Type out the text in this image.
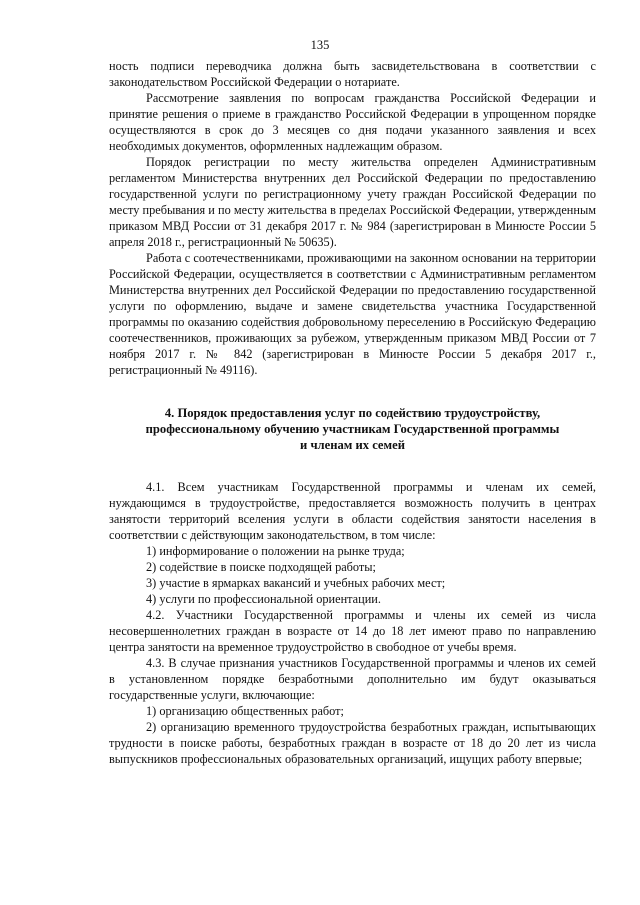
135

ность подписи переводчика должна быть засвидетельствована в соответствии с законодательством Российской Федерации о нотариате.

Рассмотрение заявления по вопросам гражданства Российской Федерации и принятие решения о приеме в гражданство Российской Федерации в упрощенном порядке осуществляются в срок до 3 месяцев со дня подачи указанного заявления и всех необходимых документов, оформленных надлежащим образом.

Порядок регистрации по месту жительства определен Административным регламентом Министерства внутренних дел Российской Федерации по предоставлению государственной услуги по регистрационному учету граждан Российской Федерации по месту пребывания и по месту жительства в пределах Российской Федерации, утвержденным приказом МВД России от 31 декабря 2017 г. № 984 (зарегистрирован в Минюсте России 5 апреля 2018 г., регистрационный № 50635).

Работа с соотечественниками, проживающими на законном основании на территории Российской Федерации, осуществляется в соответствии с Административным регламентом Министерства внутренних дел Российской Федерации по предоставлению государственной услуги по оформлению, выдаче и замене свидетельства участника Государственной программы по оказанию содействия добровольному переселению в Российскую Федерацию соотечественников, проживающих за рубежом, утвержденным приказом МВД России от 7 ноября 2017 г. № 842 (зарегистрирован в Минюсте России 5 декабря 2017 г., регистрационный № 49116).

4. Порядок предоставления услуг по содействию трудоустройству,
профессиональному обучению участникам Государственной программы
и членам их семей

4.1. Всем участникам Государственной программы и членам их семей, нуждающимся в трудоустройстве, предоставляется возможность получить в центрах занятости территорий вселения услуги в области содействия занятости населения в соответствии с действующим законодательством, в том числе:

1) информирование о положении на рынке труда;
2) содействие в поиске подходящей работы;
3) участие в ярмарках вакансий и учебных рабочих мест;
4) услуги по профессиональной ориентации.

4.2. Участники Государственной программы и члены их семей из числа несовершеннолетних граждан в возрасте от 14 до 18 лет имеют право по направлению центра занятости на временное трудоустройство в свободное от учебы время.

4.3. В случае признания участников Государственной программы и членов их семей в установленном порядке безработными дополнительно им будут оказываться государственные услуги, включающие:

1) организацию общественных работ;

2) организацию временного трудоустройства безработных граждан, испытывающих трудности в поиске работы, безработных граждан в возрасте от 18 до 20 лет из числа выпускников профессиональных образовательных организаций, ищущих работу впервые;
